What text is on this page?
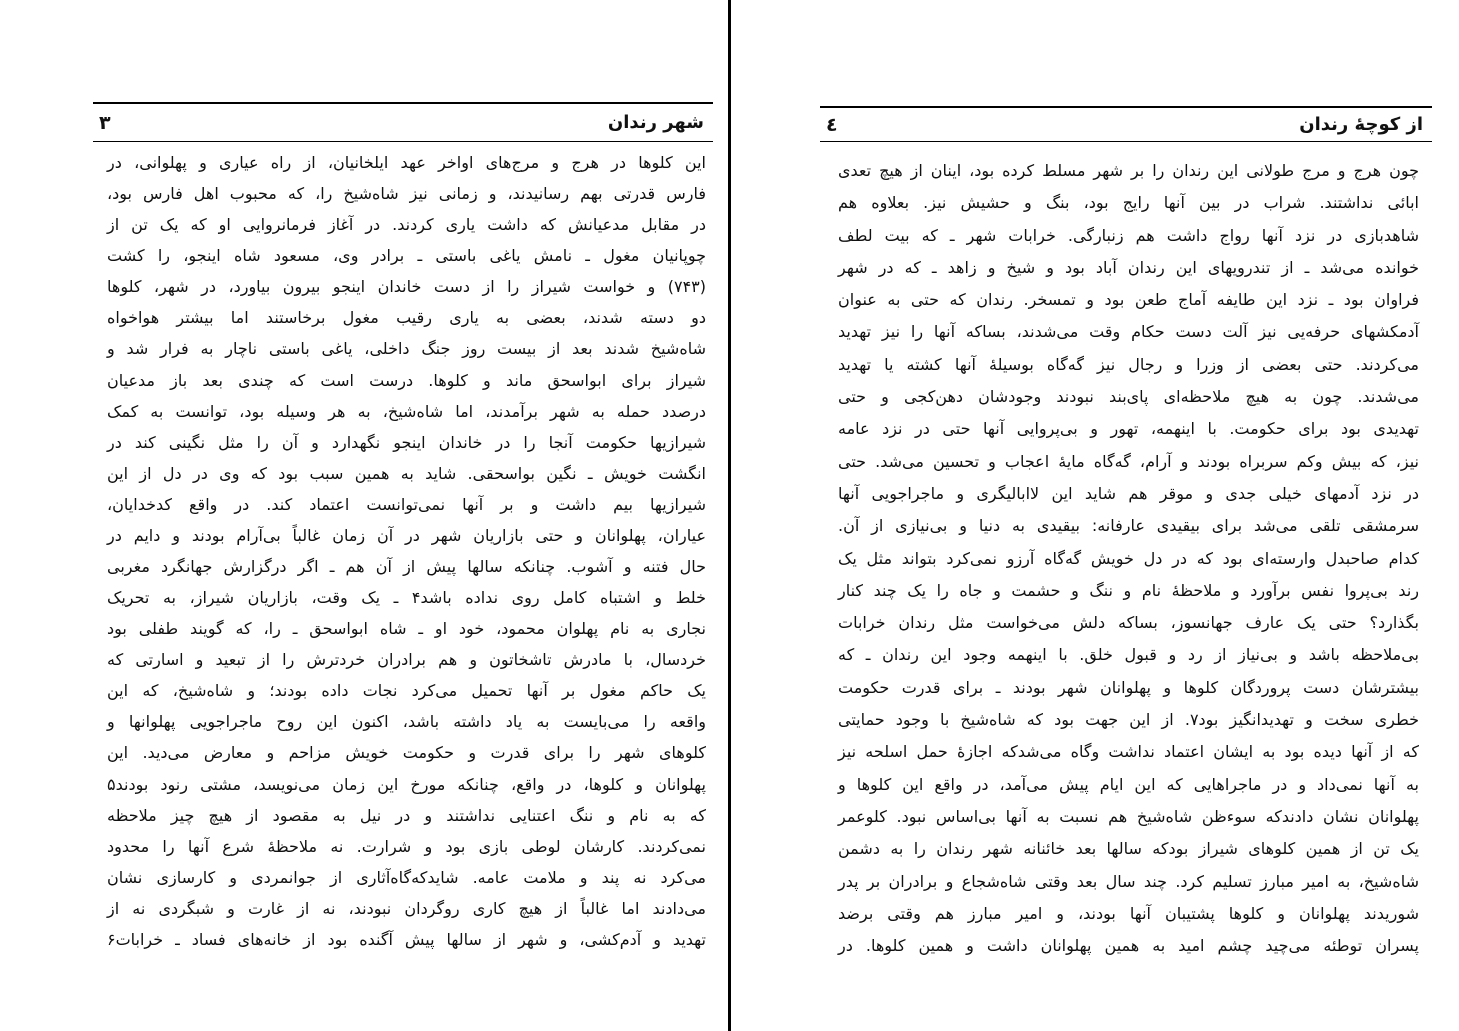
شهر رندان
۳
این کلوها در هرج و مرج‌های اواخر عهد ایلخانیان، از راه عیاری و پهلوانی، در
فارس قدرتی بهم رسانیدند، و زمانی نیز شاه‌شیخ را، که محبوب اهل فارس بود،
در مقابل مدعیانش که داشت یاری کردند. در آغاز فرمانروایی او که یک تن از
چوپانیان مغول ـ نامش یاغی باستی ـ برادر وی، مسعود شاه اینجو، را کشت
(۷۴۳) و خواست شیراز را از دست خاندان اینجو بیرون بیاورد، در شهر، کلوها
دو دسته شدند، بعضی به یاری رقیب مغول برخاستند اما بیشتر هواخواه
شاه‌شیخ شدند بعد از بیست روز جنگ داخلی، یاغی باستی ناچار به فرار شد و
شیراز برای ابواسحق ماند و کلوها. درست است که چندی بعد باز مدعیان
درصدد حمله به شهر برآمدند، اما شاه‌شیخ، به هر وسیله بود، توانست به کمک
شیرازیها حکومت آنجا را در خاندان اینجو نگهدارد و آن را مثل نگینی کند در
انگشت خویش ـ نگین بواسحقی. شاید به همین سبب بود که وی در دل از این
شیرازیها بیم داشت و بر آنها نمی‌توانست اعتماد کند. در واقع کدخدایان،
عیاران، پهلوانان و حتی بازاریان شهر در آن زمان غالباً بی‌آرام بودند و دایم در
حال فتنه و آشوب. چنانکه سالها پیش از آن هم ـ اگر درگزارش جهانگرد مغربی
خلط و اشتباه کامل روی نداده باشد۴ ـ یک وقت، بازاریان شیراز، به تحریک
نجاری به نام پهلوان محمود، خود او ـ شاه ابواسحق ـ را، که گویند طفلی بود
خردسال، با مادرش تاشخاتون و هم برادران خردترش را از تبعید و اسارتی که
یک حاکم مغول بر آنها تحمیل می‌کرد نجات داده بودند؛ و شاه‌شیخ، که این
واقعه را می‌بایست به یاد داشته باشد، اکنون این روح ماجراجویی پهلوانها و
کلوهای شهر را برای قدرت و حکومت خویش مزاحم و معارض می‌دید. این
پهلوانان و کلوها، در واقع، چنانکه مورخ این زمان می‌نویسد، مشتی رنود بودند۵
که به نام و ننگ اعتنایی نداشتند و در نیل به مقصود از هیچ چیز ملاحظه
نمی‌کردند. کارشان لوطی بازی بود و شرارت. نه ملاحظهٔ شرع آنها را محدود
می‌کرد نه پند و ملامت عامه. شایدکه‌گاه‌آثاری از جوانمردی و کارسازی نشان
می‌دادند اما غالباً از هیچ کاری روگردان نبودند، نه از غارت و شبگردی نه از
تهدید و آدم‌کشی، و شهر از سالها پیش آگنده بود از خانه‌های فساد ـ خرابات۶
از کوچهٔ رندان
٤
چون هرج و مرج طولانی این رندان را بر شهر مسلط کرده بود، اینان از هیچ تعدی
ابائی نداشتند. شراب در بین آنها رایج بود، بنگ و حشیش نیز. بعلاوه هم
شاهدبازی در نزد آنها رواج داشت هم زنبارگی. خرابات شهر ـ که بیت لطف
خوانده می‌شد ـ از تندرویهای این رندان آباد بود و شیخ و زاهد ـ که در شهر
فراوان بود ـ نزد این طایفه آماج طعن بود و تمسخر. رندان که حتی به عنوان
آدمکشهای حرفه‌یی نیز آلت دست حکام وقت می‌شدند، بساکه آنها را نیز تهدید
می‌کردند. حتی بعضی از وزرا و رجال نیز گه‌گاه بوسیلهٔ آنها کشته یا تهدید
می‌شدند. چون به هیچ ملاحظه‌ای پای‌بند نبودند وجودشان دهن‌کجی و حتی
تهدیدی بود برای حکومت. با اینهمه، تهور و بی‌پروایی آنها حتی در نزد عامه
نیز، که بیش وکم سربراه بودند و آرام، گه‌گاه مایهٔ اعجاب و تحسین می‌شد. حتی
در نزد آدمهای خیلی جدی و موقر هم شاید این لاابالیگری و ماجراجویی آنها
سرمشقی تلقی می‌شد برای بیقیدی عارفانه: بیقیدی به دنیا و بی‌نیازی از آن.
کدام صاحبدل وارسته‌ای بود که در دل خویش گه‌گاه آرزو نمی‌کرد بتواند مثل یک
رند بی‌پروا نفس برآورد و ملاحظهٔ نام و ننگ و حشمت و جاه را یک چند کنار
بگذارد؟ حتی یک عارف جهانسوز، بساکه دلش می‌خواست مثل رندان خرابات
بی‌ملاحظه باشد و بی‌نیاز از رد و قبول خلق. با اینهمه وجود این رندان ـ که
بیشترشان دست پروردگان کلوها و پهلوانان شهر بودند ـ برای قدرت حکومت
خطری سخت و تهدیدانگیز بود۷. از این جهت بود که شاه‌شیخ با وجود حمایتی
که از آنها دیده بود به ایشان اعتماد نداشت وگاه می‌شدکه اجازهٔ حمل اسلحه نیز
به آنها نمی‌داد و در ماجراهایی که این ایام پیش می‌آمد، در واقع این کلوها و
پهلوانان نشان دادندکه سوءظن شاه‌شیخ هم نسبت به آنها بی‌اساس نبود. کلوعمر
یک تن از همین کلوهای شیراز بودکه سالها بعد خائنانه شهر رندان را به دشمن
شاه‌شیخ، به امیر مبارز تسلیم کرد. چند سال بعد وقتی شاه‌شجاع و برادران بر پدر
شوریدند پهلوانان و کلوها پشتیبان آنها بودند، و امیر مبارز هم وقتی برضد
پسران توطئه می‌چید چشم امید به همین پهلوانان داشت و همین کلوها. در
